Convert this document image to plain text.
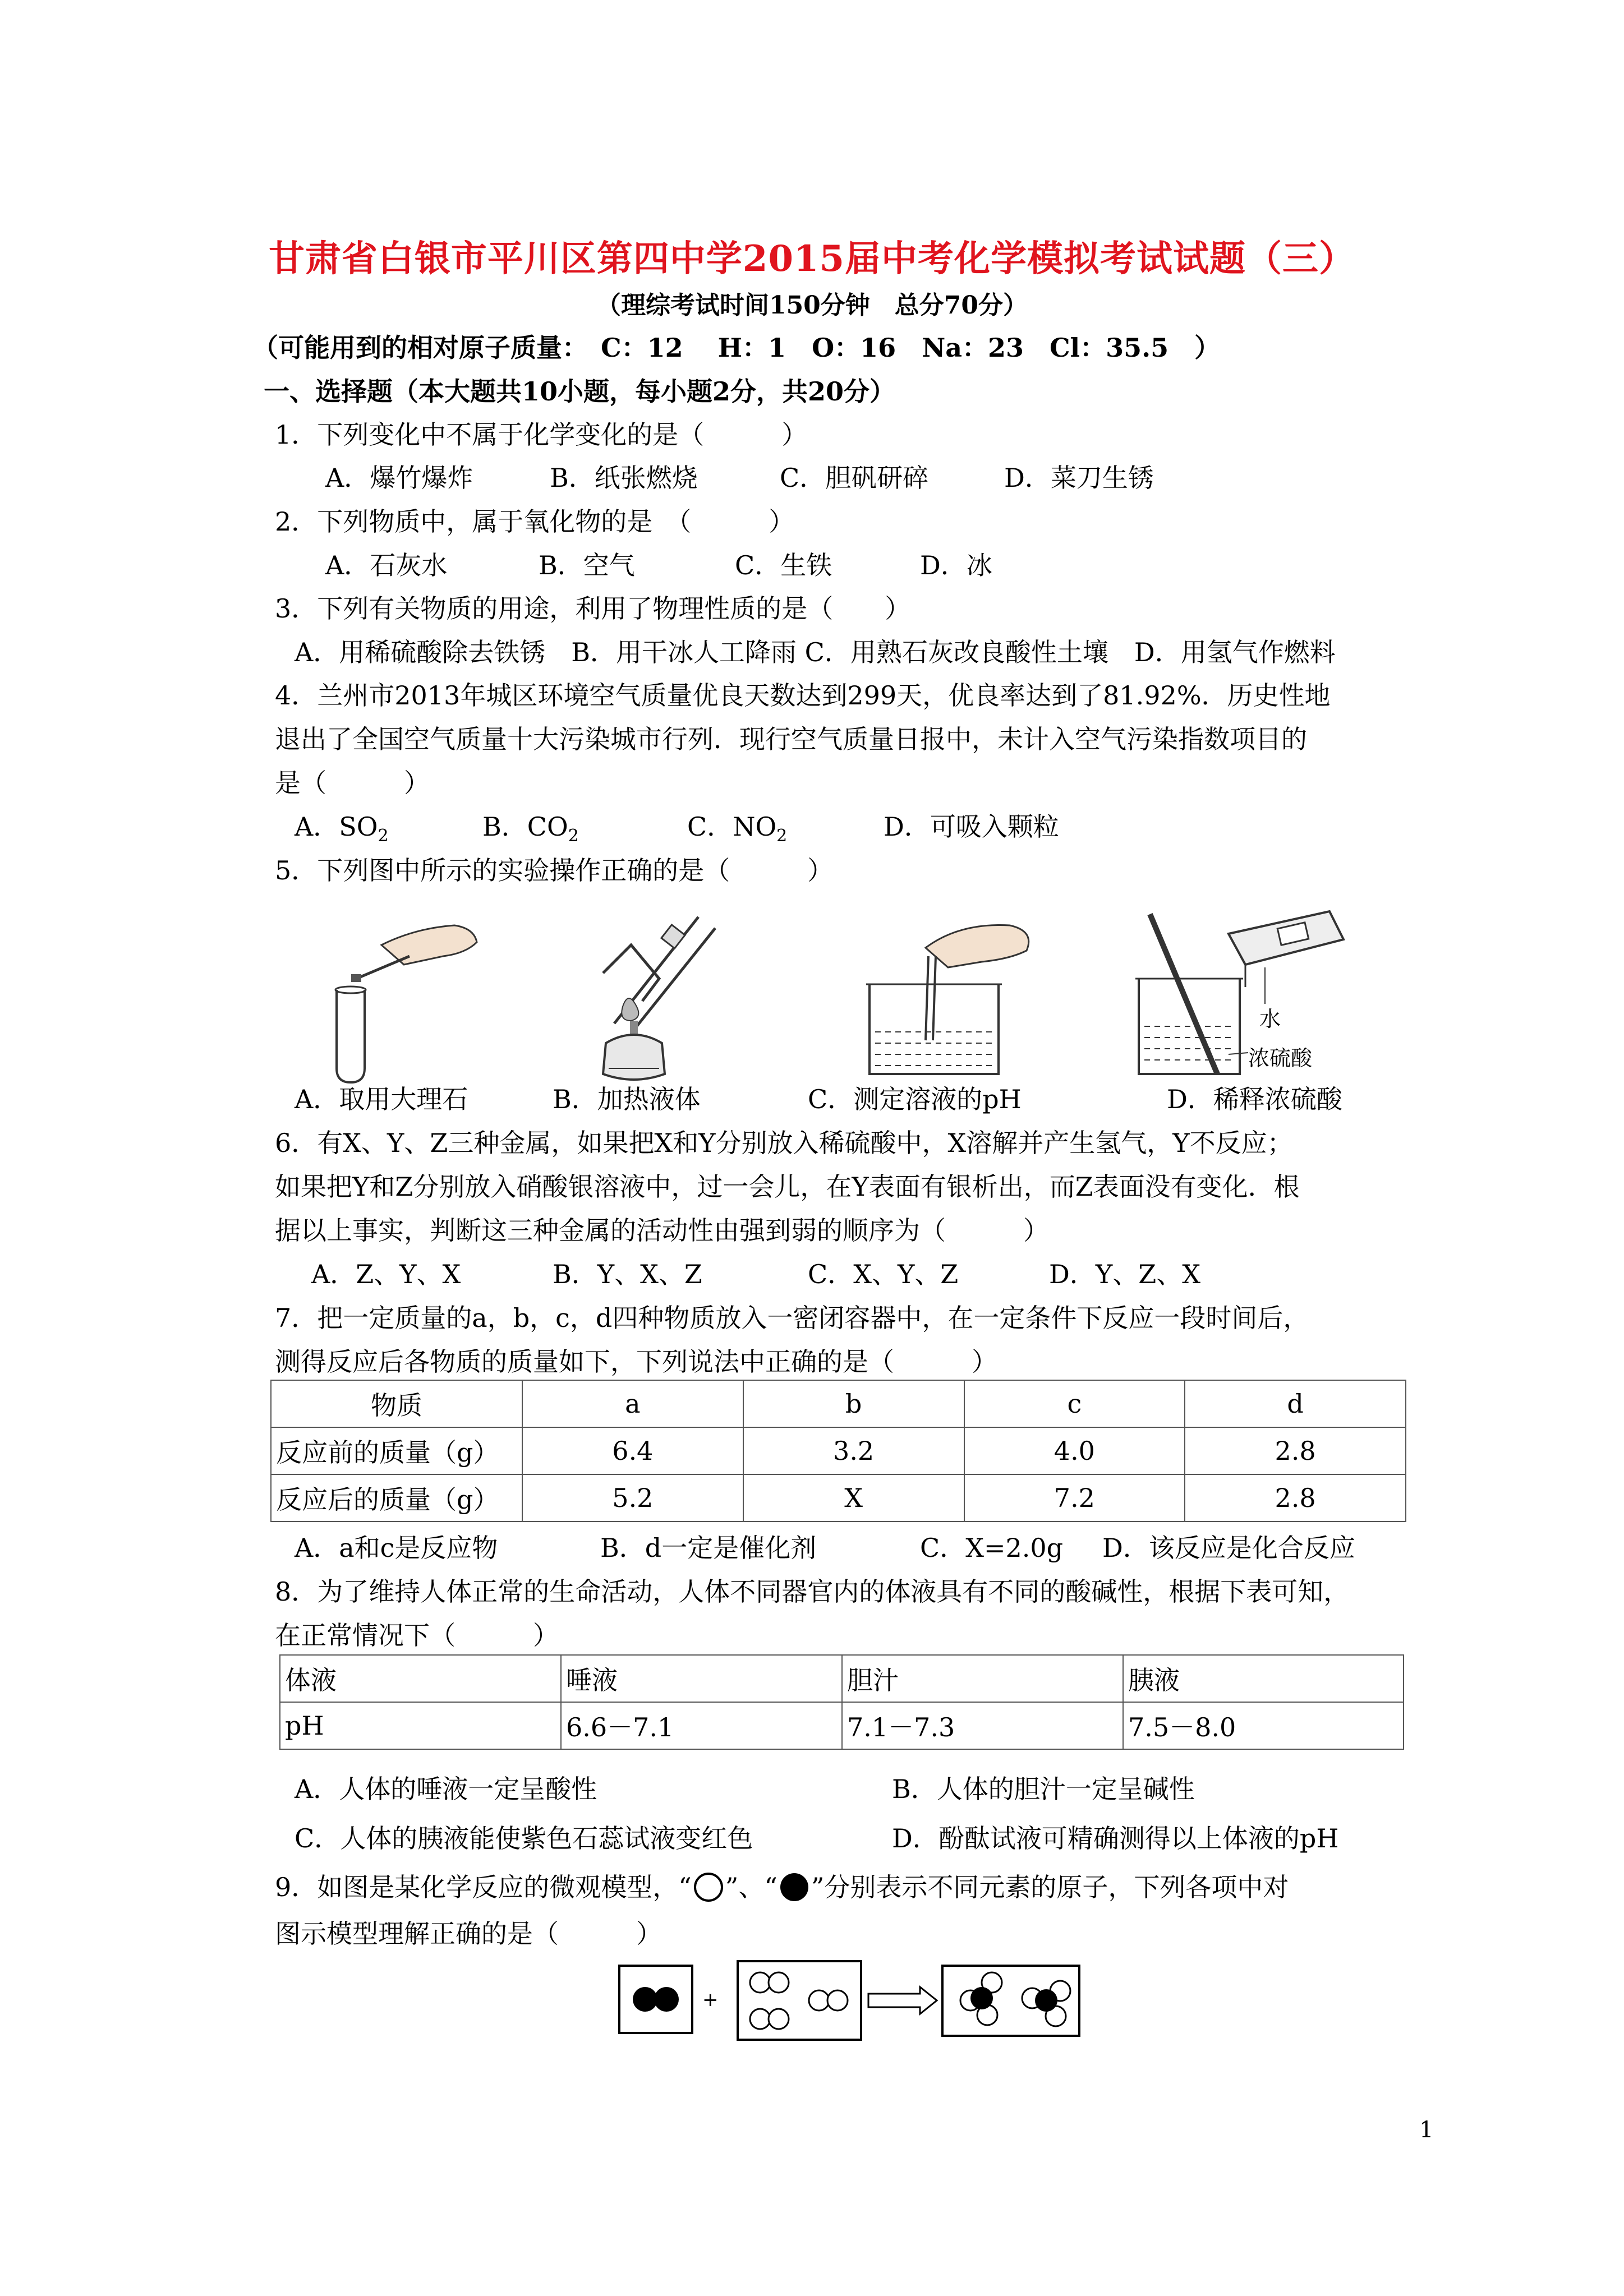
甘肃省白银市平川区第四中学2015届中考化学模拟考试试题（三）
（理综考试时间150分钟　总分70分）
（可能用到的相对原子质量：　C：12　 H：1　O：16　Na：23　Cl：35.5　）
一、选择题（本大题共10小题，每小题2分，共20分）
1．下列变化中不属于化学变化的是（　　　）
A．爆竹爆炸	B．纸张燃烧	C．胆矾研碎	D．菜刀生锈
2．下列物质中，属于氧化物的是　（　　　）
A．石灰水	B．空气	C．生铁	D．冰
3．下列有关物质的用途，利用了物理性质的是（　　）
A．用稀硫酸除去铁锈　B．用干冰人工降雨 C．用熟石灰改良酸性土壤　D．用氢气作燃料
4．兰州市2013年城区环境空气质量优良天数达到299天，优良率达到了81.92%．历史性地
退出了全国空气质量十大污染城市行列．现行空气质量日报中，未计入空气污染指数项目的
是（　　　）
A．$SO_2$	B．$CO_2$	C．$NO_2$	D．可吸入颗粒
5．下列图中所示的实验操作正确的是（　　　）
水
浓硫酸
A．取用大理石	B．加热液体	C．测定溶液的pH	D．稀释浓硫酸
6．有X、Y、Z三种金属，如果把X和Y分别放入稀硫酸中，X溶解并产生氢气，Y不反应；
如果把Y和Z分别放入硝酸银溶液中，过一会儿，在Y表面有银析出，而Z表面没有变化．根
据以上事实，判断这三种金属的活动性由强到弱的顺序为（　　　）
A．Z、Y、X	B．Y、X、Z	C．X、Y、Z	D．Y、Z、X
7．把一定质量的a，b，c，d四种物质放入一密闭容器中，在一定条件下反应一段时间后，
测得反应后各物质的质量如下，下列说法中正确的是（　　　）
物质	a	b	c	d
反应前的质量（g）	6.4	3.2	4.0	2.8
反应后的质量（g）	5.2	X	7.2	2.8
A．a和c是反应物	B．d一定是催化剂	C．X=2.0g D．该反应是化合反应
8．为了维持人体正常的生命活动，人体不同器官内的体液具有不同的酸碱性，根据下表可知，
在正常情况下（　　　）
体液	唾液	胆汁	胰液
pH	6.6－7.1	7.1－7.3	7.5－8.0
A．人体的唾液一定呈酸性	B．人体的胆汁一定呈碱性
C．人体的胰液能使紫色石蕊试液变红色	D．酚酞试液可精确测得以上体液的pH
9．如图是某化学反应的微观模型，“ ”、“ ”分别表示不同元素的原子，下列各项中对
图示模型理解正确的是（　　　）
+
1
